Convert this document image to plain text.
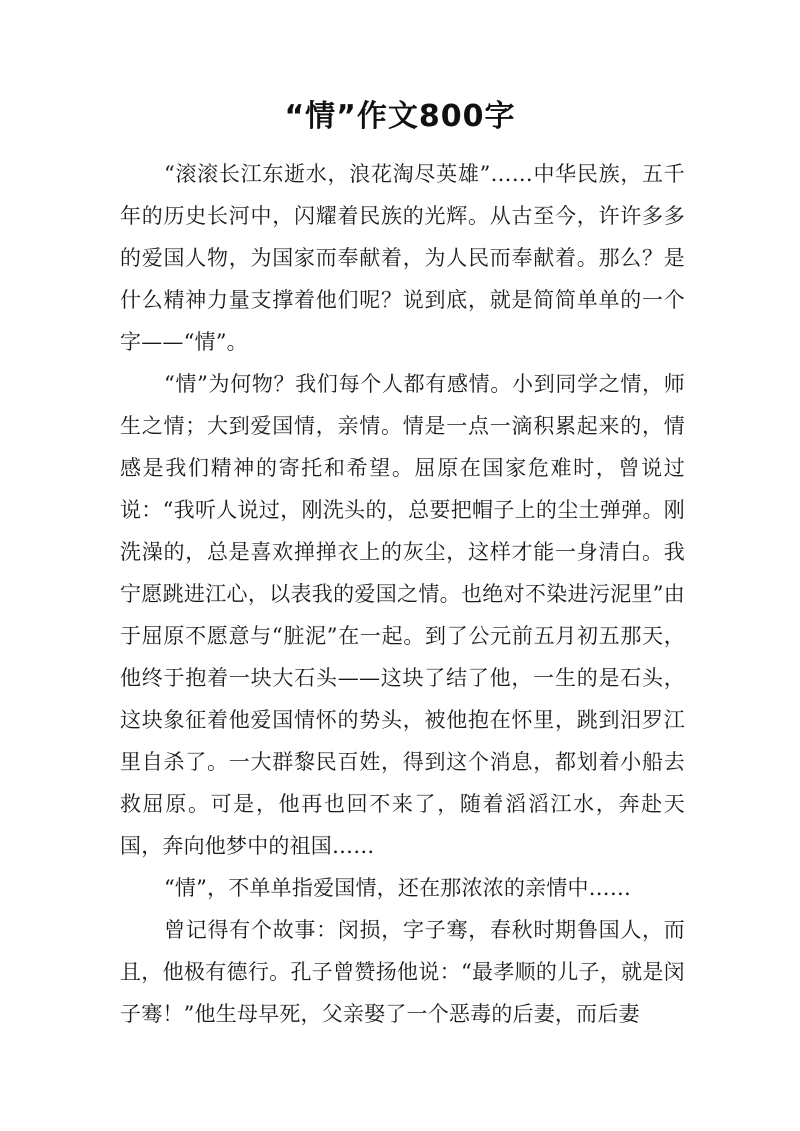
“情”作文800字

“滚滚长江东逝水，浪花淘尽英雄”……中华民族，五千年的历史长河中，闪耀着民族的光辉。从古至今，许许多多的爱国人物，为国家而奉献着，为人民而奉献着。那么？是什么精神力量支撑着他们呢？说到底，就是简简单单的一个字——“情”。

“情”为何物？我们每个人都有感情。小到同学之情，师生之情；大到爱国情，亲情。情是一点一滴积累起来的，情感是我们精神的寄托和希望。屈原在国家危难时，曾说过说：“我听人说过，刚洗头的，总要把帽子上的尘土弹弹。刚洗澡的，总是喜欢掸掸衣上的灰尘，这样才能一身清白。我宁愿跳进江心，以表我的爱国之情。也绝对不染进污泥里”由于屈原不愿意与“脏泥”在一起。到了公元前五月初五那天，他终于抱着一块大石头——这块了结了他，一生的是石头，这块象征着他爱国情怀的势头，被他抱在怀里，跳到汨罗江里自杀了。一大群黎民百姓，得到这个消息，都划着小船去救屈原。可是，他再也回不来了，随着滔滔江水，奔赴天国，奔向他梦中的祖国……

“情”，不单单指爱国情，还在那浓浓的亲情中……

曾记得有个故事：闵损，字子骞，春秋时期鲁国人，而且，他极有德行。孔子曾赞扬他说：“最孝顺的儿子，就是闵子骞！”他生母早死，父亲娶了一个恶毒的后妻，而后妻
